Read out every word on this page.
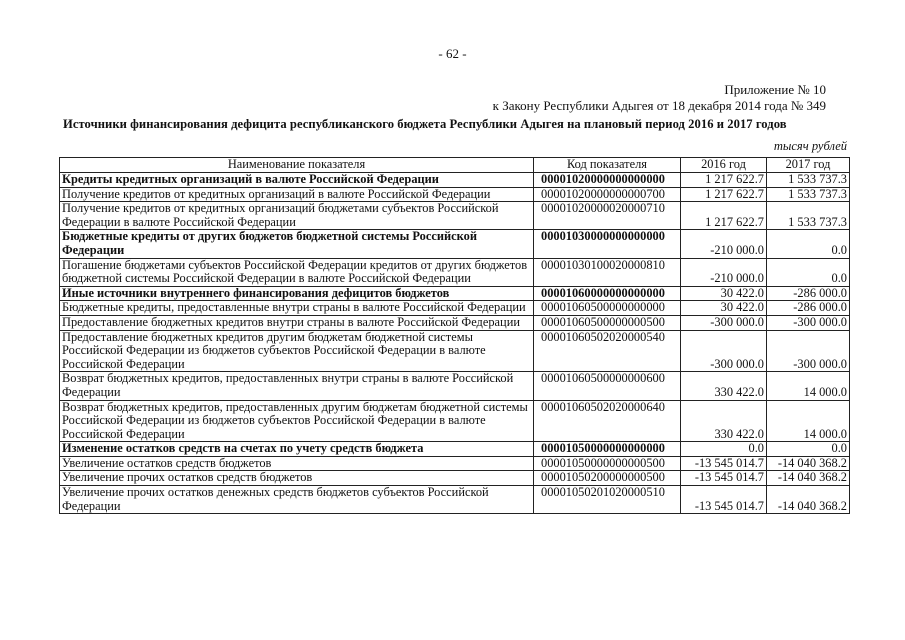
- 62 -
Приложение № 10
к Закону Республики Адыгея от 18 декабря 2014 года № 349
Источники финансирования дефицита республиканского бюджета Республики Адыгея на плановый период 2016 и 2017 годов
тысяч рублей
Наименование показателя	Код показателя	2016 год	2017 год
Кредиты кредитных организаций в валюте Российской Федерации	00001020000000000000	1 217 622.7	1 533 737.3
Получение кредитов от кредитных организаций в валюте Российской Федерации	00001020000000000700	1 217 622.7	1 533 737.3
Получение кредитов от кредитных организаций бюджетами субъектов Российской Федерации в валюте Российской Федерации	00001020000020000710	1 217 622.7	1 533 737.3
Бюджетные кредиты от других бюджетов бюджетной системы Российской Федерации	00001030000000000000	-210 000.0	0.0
Погашение бюджетами субъектов Российской Федерации кредитов от других бюджетов бюджетной системы Российской Федерации в валюте Российской Федерации	00001030100020000810	-210 000.0	0.0
Иные источники внутреннего финансирования дефицитов бюджетов	00001060000000000000	30 422.0	-286 000.0
Бюджетные кредиты, предоставленные внутри страны в валюте Российской Федерации	00001060500000000000	30 422.0	-286 000.0
Предоставление бюджетных кредитов внутри страны в валюте Российской Федерации	00001060500000000500	-300 000.0	-300 000.0
Предоставление бюджетных кредитов другим бюджетам бюджетной системы Российской Федерации из бюджетов субъектов Российской Федерации в валюте Российской Федерации	00001060502020000540	-300 000.0	-300 000.0
Возврат бюджетных кредитов, предоставленных внутри страны в валюте Российской Федерации	00001060500000000600	330 422.0	14 000.0
Возврат бюджетных кредитов, предоставленных другим бюджетам бюджетной системы Российской Федерации из бюджетов субъектов Российской Федерации в валюте Российской Федерации	00001060502020000640	330 422.0	14 000.0
Изменение остатков средств на счетах по учету средств бюджета	00001050000000000000	0.0	0.0
Увеличение остатков средств бюджетов	00001050000000000500	-13 545 014.7	-14 040 368.2
Увеличение прочих остатков средств бюджетов	00001050200000000500	-13 545 014.7	-14 040 368.2
Увеличение прочих остатков денежных средств бюджетов субъектов Российской Федерации	00001050201020000510	-13 545 014.7	-14 040 368.2
